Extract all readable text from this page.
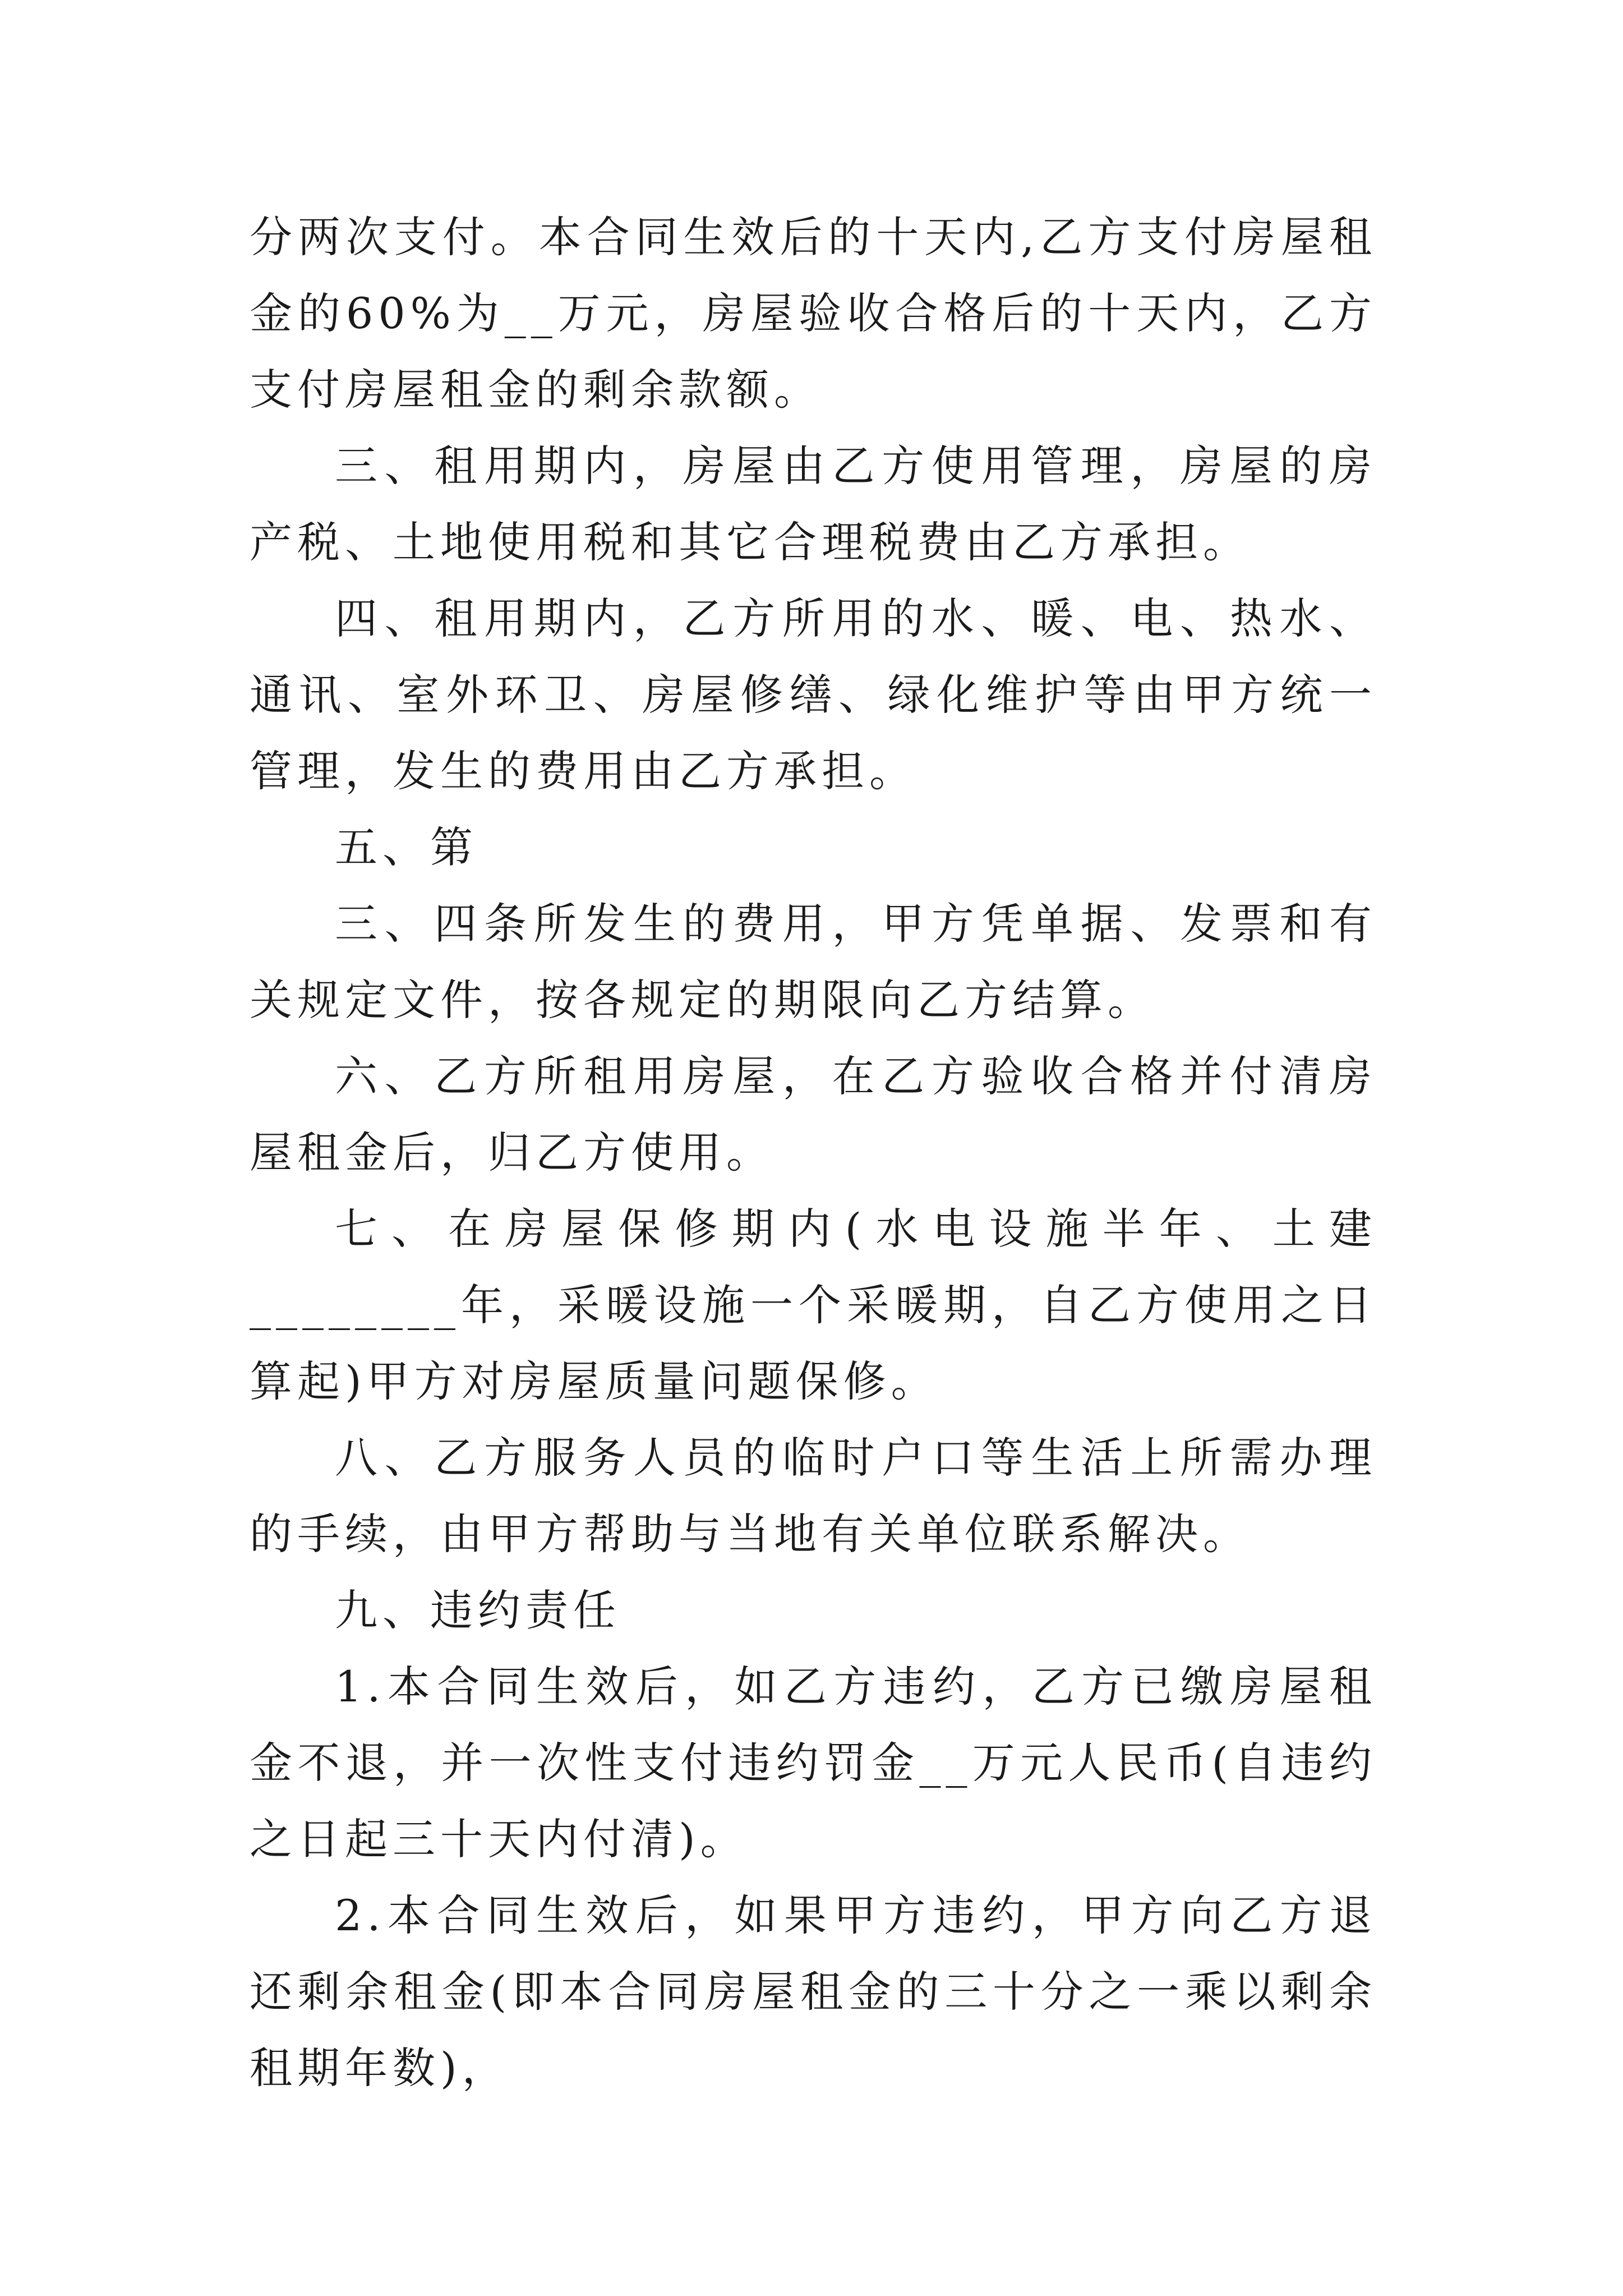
分两次支付。本合同生效后的十天内,乙方支付房屋租金的60%为__万元，房屋验收合格后的十天内，乙方支付房屋租金的剩余款额。

三、租用期内，房屋由乙方使用管理，房屋的房产税、土地使用税和其它合理税费由乙方承担。

四、租用期内，乙方所用的水、暖、电、热水、通讯、室外环卫、房屋修缮、绿化维护等由甲方统一管理，发生的费用由乙方承担。

五、第

三、四条所发生的费用，甲方凭单据、发票和有关规定文件，按各规定的期限向乙方结算。

六、乙方所租用房屋，在乙方验收合格并付清房屋租金后，归乙方使用。

七、在房屋保修期内(水电设施半年、土建________年，采暖设施一个采暖期，自乙方使用之日算起)甲方对房屋质量问题保修。

八、乙方服务人员的临时户口等生活上所需办理的手续，由甲方帮助与当地有关单位联系解决。

九、违约责任

1.本合同生效后，如乙方违约，乙方已缴房屋租金不退，并一次性支付违约罚金__万元人民币(自违约之日起三十天内付清)。

2.本合同生效后，如果甲方违约，甲方向乙方退还剩余租金(即本合同房屋租金的三十分之一乘以剩余租期年数)，
